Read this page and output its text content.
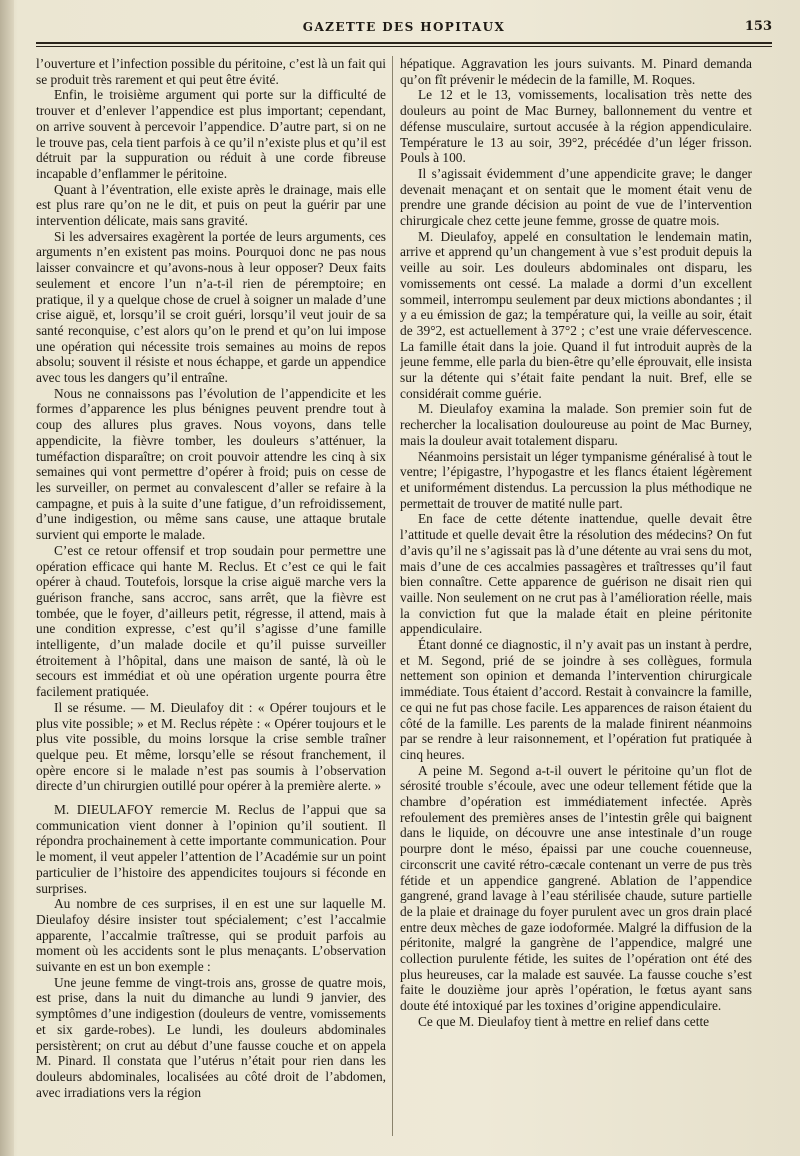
GAZETTE DES HOPITAUX	153

l’ouverture et l’infection possible du péritoine, c’est là un fait qui se produit très rarement et qui peut être évité.

Enfin, le troisième argument qui porte sur la difficulté de trouver et d’enlever l’appendice est plus important; cependant, on arrive souvent à percevoir l’appendice. D’autre part, si on ne le trouve pas, cela tient parfois à ce qu’il n’existe plus et qu’il est détruit par la suppuration ou réduit à une corde fibreuse incapable d’enflammer le péritoine.

Quant à l’éventration, elle existe après le drainage, mais elle est plus rare qu’on ne le dit, et puis on peut la guérir par une intervention délicate, mais sans gravité.

Si les adversaires exagèrent la portée de leurs arguments, ces arguments n’en existent pas moins. Pourquoi donc ne pas nous laisser convaincre et qu’avons-nous à leur opposer? Deux faits seulement et encore l’un n’a-t-il rien de péremptoire; en pratique, il y a quelque chose de cruel à soigner un malade d’une crise aiguë, et, lorsqu’il se croit guéri, lorsqu’il veut jouir de sa santé reconquise, c’est alors qu’on le prend et qu’on lui impose une opération qui nécessite trois semaines au moins de repos absolu; souvent il résiste et nous échappe, et garde un appendice avec tous les dangers qu’il entraîne.

Nous ne connaissons pas l’évolution de l’appendicite et les formes d’apparence les plus bénignes peuvent prendre tout à coup des allures plus graves. Nous voyons, dans telle appendicite, la fièvre tomber, les douleurs s’atténuer, la tuméfaction disparaître; on croit pouvoir attendre les cinq à six semaines qui vont permettre d’opérer à froid; puis on cesse de les surveiller, on permet au convalescent d’aller se refaire à la campagne, et puis à la suite d’une fatigue, d’un refroidissement, d’une indigestion, ou même sans cause, une attaque brutale survient qui emporte le malade.

C’est ce retour offensif et trop soudain pour permettre une opération efficace qui hante M. Reclus. Et c’est ce qui le fait opérer à chaud. Toutefois, lorsque la crise aiguë marche vers la guérison franche, sans accroc, sans arrêt, que la fièvre est tombée, que le foyer, d’ailleurs petit, régresse, il attend, mais à une condition expresse, c’est qu’il s’agisse d’une famille intelligente, d’un malade docile et qu’il puisse surveiller étroitement à l’hôpital, dans une maison de santé, là où le secours est immédiat et où une opération urgente pourra être facilement pratiquée.

Il se résume. — M. Dieulafoy dit : « Opérer toujours et le plus vite possible; » et M. Reclus répète : « Opérer toujours et le plus vite possible, du moins lorsque la crise semble traîner quelque peu. Et même, lorsqu’elle se résout franchement, il opère encore si le malade n’est pas soumis à l’observation directe d’un chirurgien outillé pour opérer à la première alerte. »

M. DIEULAFOY remercie M. Reclus de l’appui que sa communication vient donner à l’opinion qu’il soutient. Il répondra prochainement à cette importante communication. Pour le moment, il veut appeler l’attention de l’Académie sur un point particulier de l’histoire des appendicites toujours si féconde en surprises.

Au nombre de ces surprises, il en est une sur laquelle M. Dieulafoy désire insister tout spécialement; c’est l’accalmie apparente, l’accalmie traîtresse, qui se produit parfois au moment où les accidents sont le plus menaçants. L’observation suivante en est un bon exemple :

Une jeune femme de vingt-trois ans, grosse de quatre mois, est prise, dans la nuit du dimanche au lundi 9 janvier, des symptômes d’une indigestion (douleurs de ventre, vomissements et six garde-robes). Le lundi, les douleurs abdominales persistèrent; on crut au début d’une fausse couche et on appela M. Pinard. Il constata que l’utérus n’était pour rien dans les douleurs abdominales, localisées au côté droit de l’abdomen, avec irradiations vers la région

hépatique. Aggravation les jours suivants. M. Pinard demanda qu’on fît prévenir le médecin de la famille, M. Roques.

Le 12 et le 13, vomissements, localisation très nette des douleurs au point de Mac Burney, ballonnement du ventre et défense musculaire, surtout accusée à la région appendiculaire. Température le 13 au soir, 39°2, précédée d’un léger frisson. Pouls à 100.

Il s’agissait évidemment d’une appendicite grave; le danger devenait menaçant et on sentait que le moment était venu de prendre une grande décision au point de vue de l’intervention chirurgicale chez cette jeune femme, grosse de quatre mois.

M. Dieulafoy, appelé en consultation le lendemain matin, arrive et apprend qu’un changement à vue s’est produit depuis la veille au soir. Les douleurs abdominales ont disparu, les vomissements ont cessé. La malade a dormi d’un excellent sommeil, interrompu seulement par deux mictions abondantes ; il y a eu émission de gaz; la température qui, la veille au soir, était de 39°2, est actuellement à 37°2 ; c’est une vraie défervescence. La famille était dans la joie. Quand il fut introduit auprès de la jeune femme, elle parla du bien-être qu’elle éprouvait, elle insista sur la détente qui s’était faite pendant la nuit. Bref, elle se considérait comme guérie.

M. Dieulafoy examina la malade. Son premier soin fut de rechercher la localisation douloureuse au point de Mac Burney, mais la douleur avait totalement disparu.

Néanmoins persistait un léger tympanisme généralisé à tout le ventre; l’épigastre, l’hypogastre et les flancs étaient légèrement et uniformément distendus. La percussion la plus méthodique ne permettait de trouver de matité nulle part.

En face de cette détente inattendue, quelle devait être l’attitude et quelle devait être la résolution des médecins? On fut d’avis qu’il ne s’agissait pas là d’une détente au vrai sens du mot, mais d’une de ces accalmies passagères et traîtresses qu’il faut bien connaître. Cette apparence de guérison ne disait rien qui vaille. Non seulement on ne crut pas à l’amélioration réelle, mais la conviction fut que la malade était en pleine péritonite appendiculaire.

Étant donné ce diagnostic, il n’y avait pas un instant à perdre, et M. Segond, prié de se joindre à ses collègues, formula nettement son opinion et demanda l’intervention chirurgicale immédiate. Tous étaient d’accord. Restait à convaincre la famille, ce qui ne fut pas chose facile. Les apparences de raison étaient du côté de la famille. Les parents de la malade finirent néanmoins par se rendre à leur raisonnement, et l’opération fut pratiquée à cinq heures.

A peine M. Segond a-t-il ouvert le péritoine qu’un flot de sérosité trouble s’écoule, avec une odeur tellement fétide que la chambre d’opération est immédiatement infectée. Après refoulement des premières anses de l’intestin grêle qui baignent dans le liquide, on découvre une anse intestinale d’un rouge pourpre dont le méso, épaissi par une couche couenneuse, circonscrit une cavité rétro-cæcale contenant un verre de pus très fétide et un appendice gangrené. Ablation de l’appendice gangrené, grand lavage à l’eau stérilisée chaude, suture partielle de la plaie et drainage du foyer purulent avec un gros drain placé entre deux mèches de gaze iodoformée. Malgré la diffusion de la péritonite, malgré la gangrène de l’appendice, malgré une collection purulente fétide, les suites de l’opération ont été des plus heureuses, car la malade est sauvée. La fausse couche s’est faite le douzième jour après l’opération, le fœtus ayant sans doute été intoxiqué par les toxines d’origine appendiculaire.

Ce que M. Dieulafoy tient à mettre en relief dans cette
